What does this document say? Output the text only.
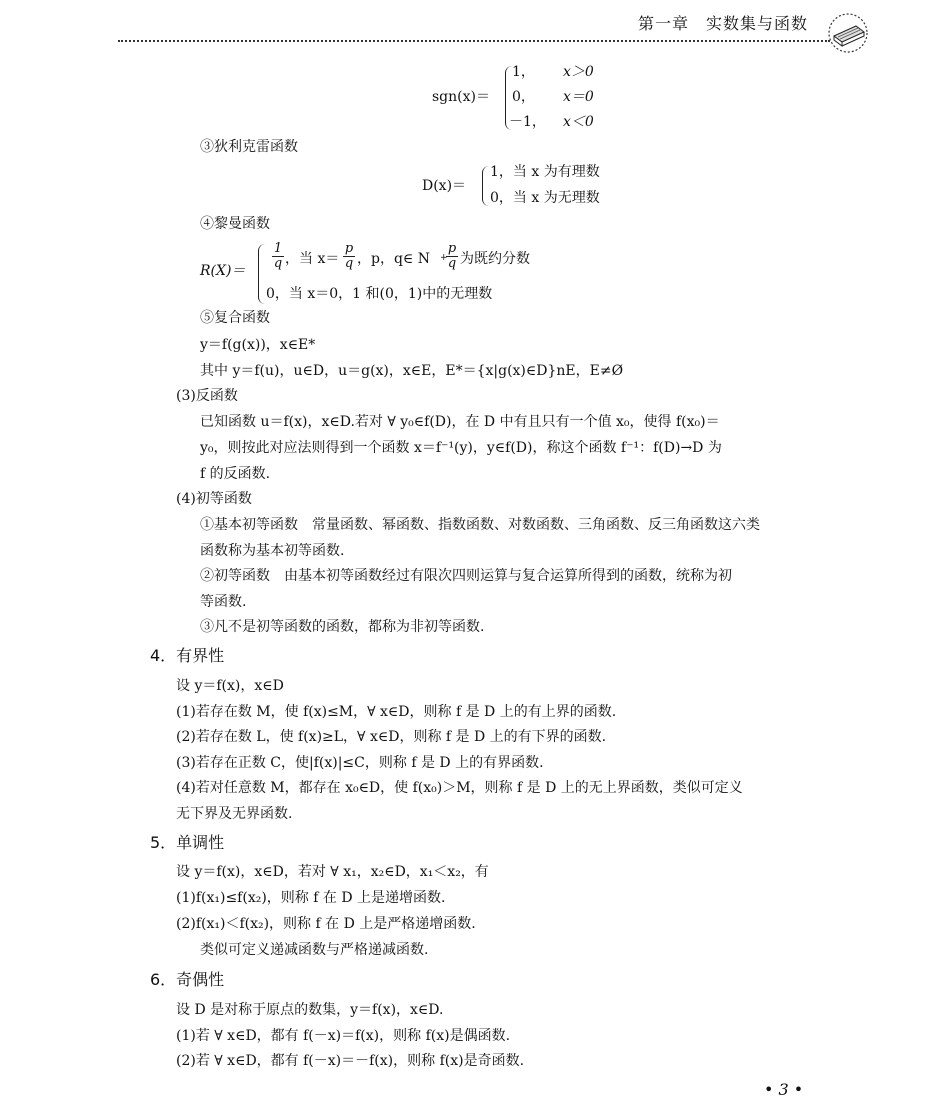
第一章　实数集与函数
sgn(x)＝
1， x＞0
0， x＝0
－1， x＜0
③狄利克雷函数
D(x)＝
1，当 x 为有理数
0，当 x 为无理数
④黎曼函数
R(X)＝
1
q ，当 x＝
p
q ，p，q∈ N +
p
q 为既约分数
0，当 x＝0，1 和(0，1)中的无理数
⑤复合函数
y＝f(g(x))，x∈E*
其中 y＝f(u)，u∈D，u＝g(x)，x∈E，E*＝{x|g(x)∈D}nE，E≠Ø
(3)反函数
已知函数 u＝f(x)，x∈D.若对 ∀ y₀∈f(D)，在 D 中有且只有一个值 x₀，使得 f(x₀)＝
y₀，则按此对应法则得到一个函数 x＝f⁻¹(y)，y∈f(D)，称这个函数 f⁻¹：f(D)→D 为
f 的反函数.
(4)初等函数
①基本初等函数　常量函数、幂函数、指数函数、对数函数、三角函数、反三角函数这六类
函数称为基本初等函数.
②初等函数　由基本初等函数经过有限次四则运算与复合运算所得到的函数，统称为初
等函数.
③凡不是初等函数的函数，都称为非初等函数.
4．有界性
设 y＝f(x)，x∈D
(1)若存在数 M，使 f(x)≤M，∀ x∈D，则称 f 是 D 上的有上界的函数.
(2)若存在数 L，使 f(x)≥L，∀ x∈D，则称 f 是 D 上的有下界的函数.
(3)若存在正数 C，使|f(x)|≤C，则称 f 是 D 上的有界函数.
(4)若对任意数 M，都存在 x₀∈D，使 f(x₀)＞M，则称 f 是 D 上的无上界函数，类似可定义
无下界及无界函数.
5．单调性
设 y＝f(x)，x∈D，若对 ∀ x₁，x₂∈D，x₁＜x₂，有
(1)f(x₁)≤f(x₂)，则称 f 在 D 上是递增函数.
(2)f(x₁)＜f(x₂)，则称 f 在 D 上是严格递增函数.
类似可定义递减函数与严格递减函数.
6．奇偶性
设 D 是对称于原点的数集，y＝f(x)，x∈D.
(1)若 ∀ x∈D，都有 f(－x)＝f(x)，则称 f(x)是偶函数.
(2)若 ∀ x∈D，都有 f(－x)＝－f(x)，则称 f(x)是奇函数.
• 3 •
